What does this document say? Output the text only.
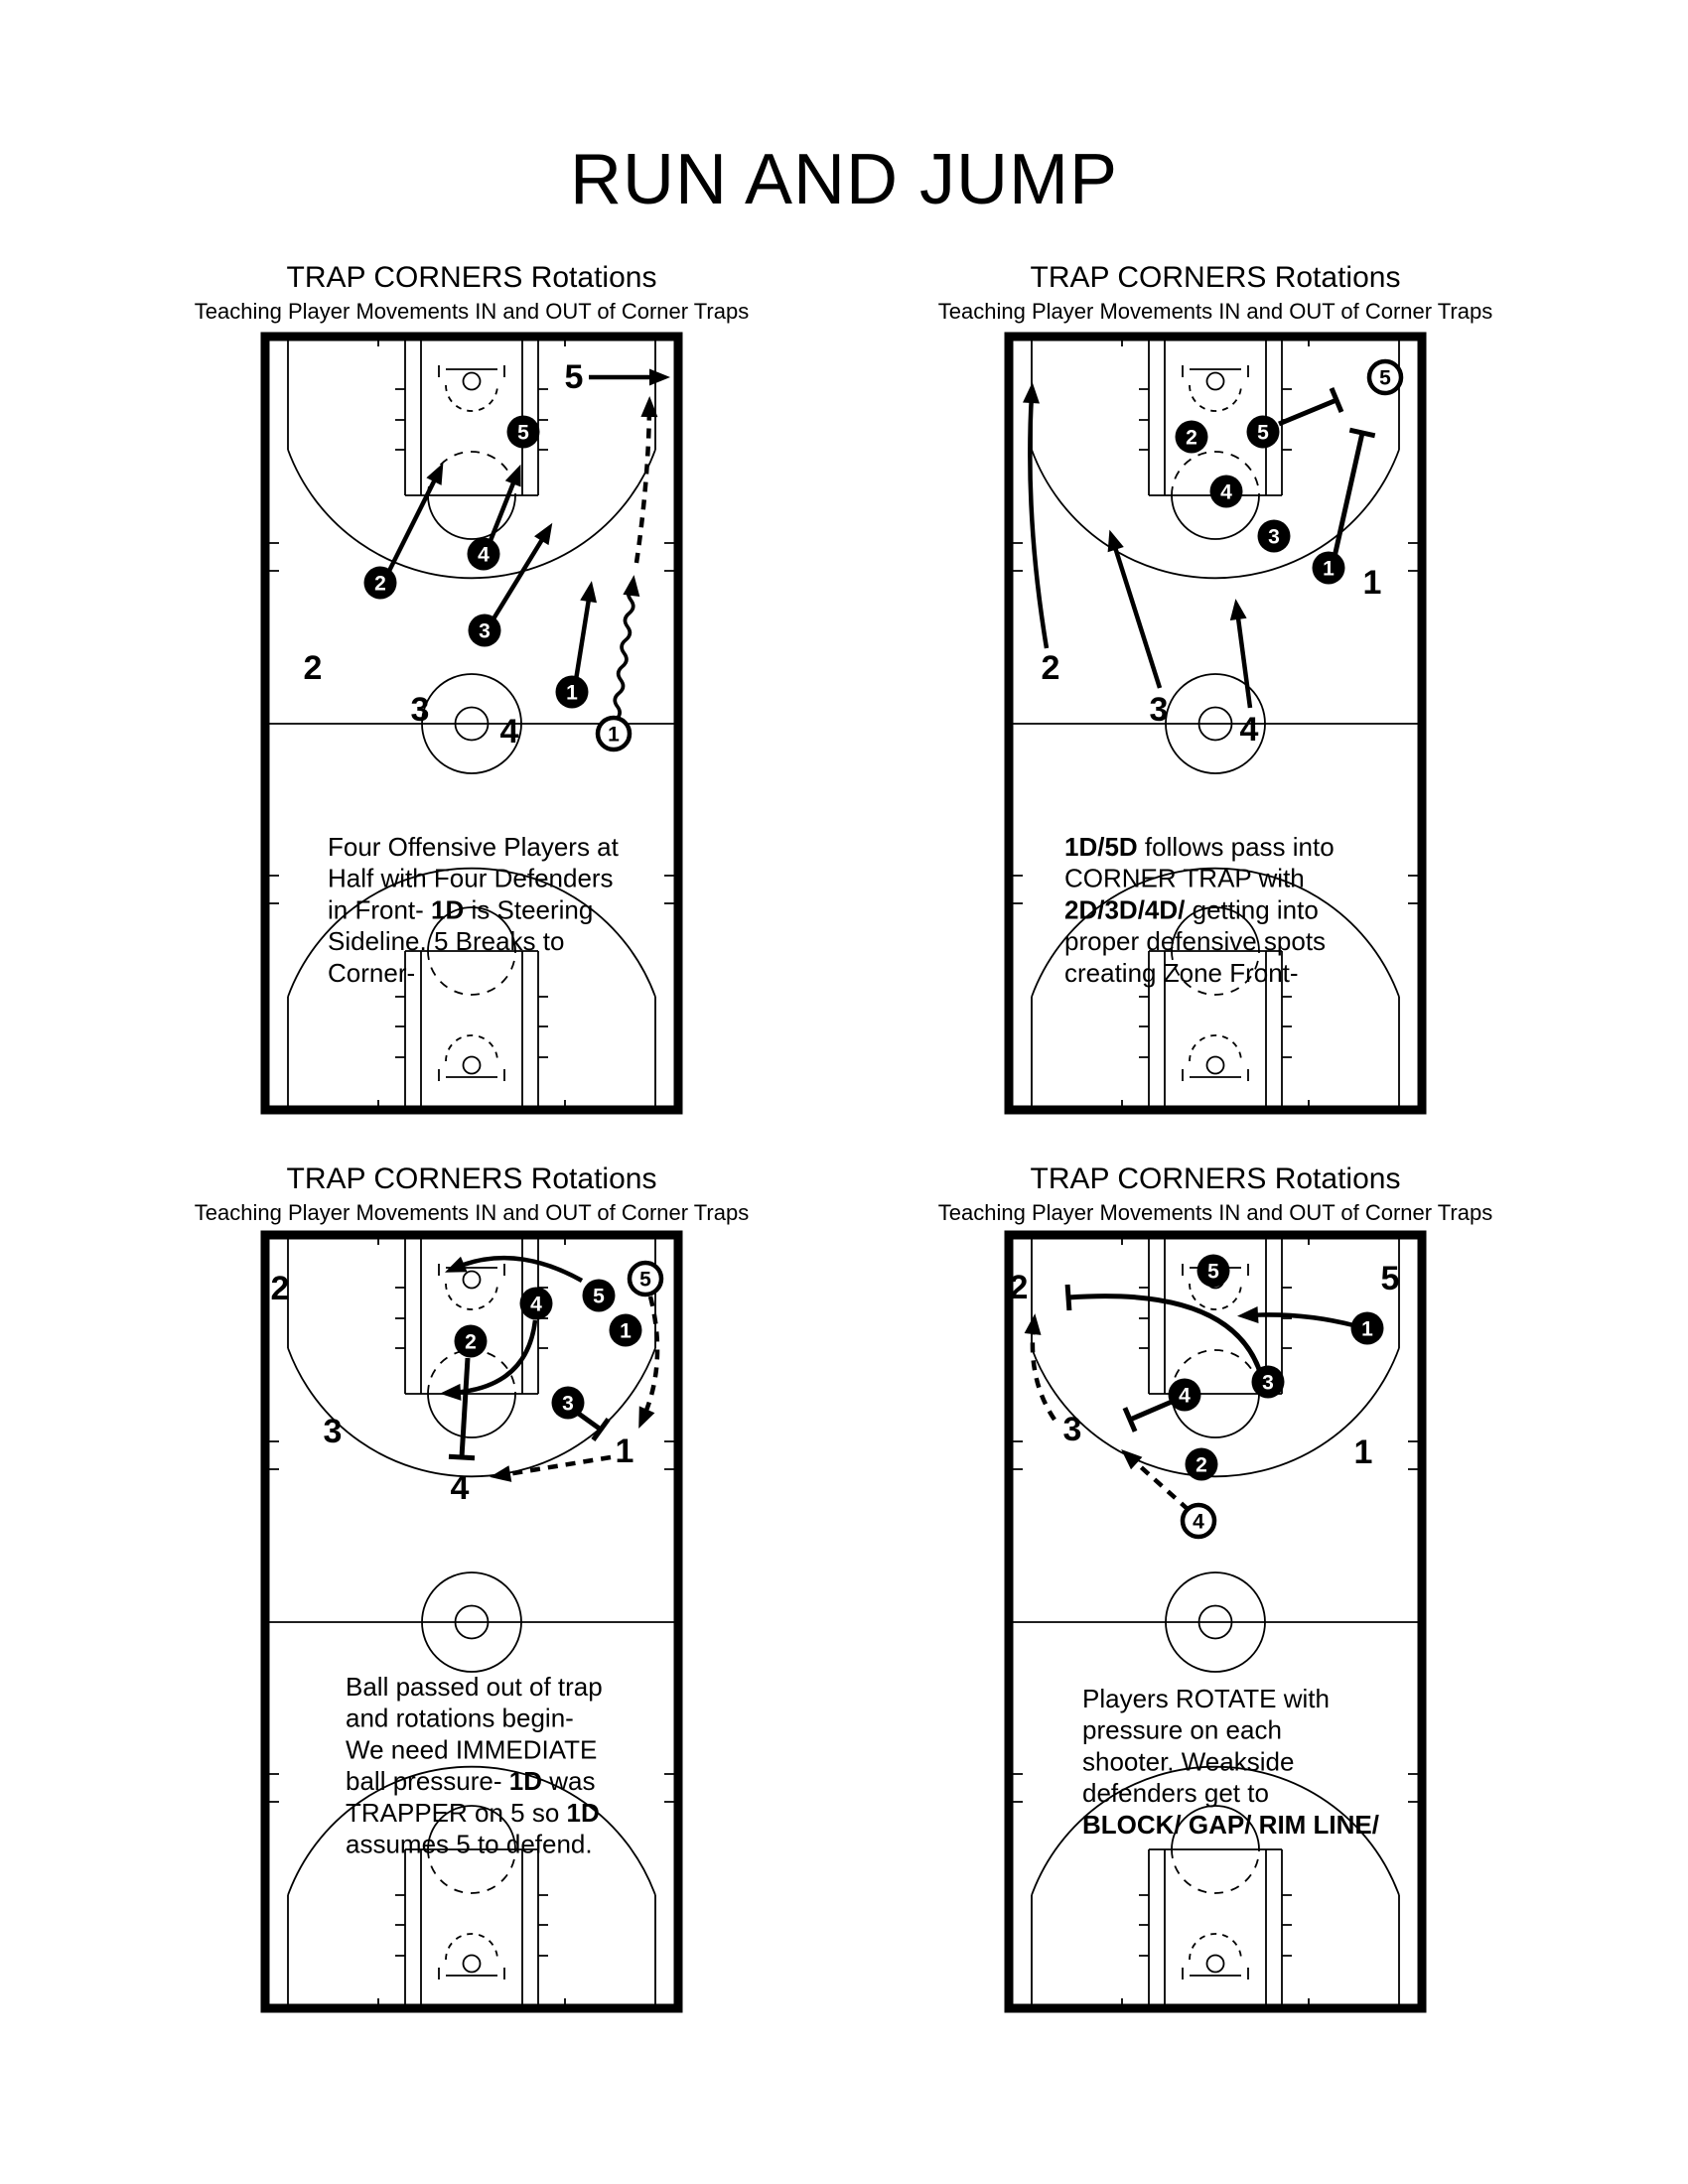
RUN AND JUMP
TRAP CORNERS Rotations
Teaching Player Movements IN and OUT of Corner Traps
5
2
4
3
1
1
5
2
3
4
Four Offensive Players at
Half with Four Defenders
in Front- 1D is Steering
Sideline. 5 Breaks to
Corner-
TRAP CORNERS Rotations
Teaching Player Movements IN and OUT of Corner Traps
2	5
4
3
1
5
2
3
4
1
1D/5D follows pass into
CORNER TRAP with
2D/3D/4D/ getting into
proper defensive spots
creating Zone Front-
TRAP CORNERS Rotations
Teaching Player Movements IN and OUT of Corner Traps
5
1
4
2
3
5
2
3
4
1
Ball passed out of trap
and rotations begin-
We need IMMEDIATE
ball pressure- 1D was
TRAPPER on 5 so 1D
assumes 5 to defend.
TRAP CORNERS Rotations
Teaching Player Movements IN and OUT of Corner Traps
5
1
3
4
2
4
2	5
3
1
Players ROTATE with
pressure on each
shooter. Weakside
defenders get to
BLOCK/ GAP/ RIM LINE/
